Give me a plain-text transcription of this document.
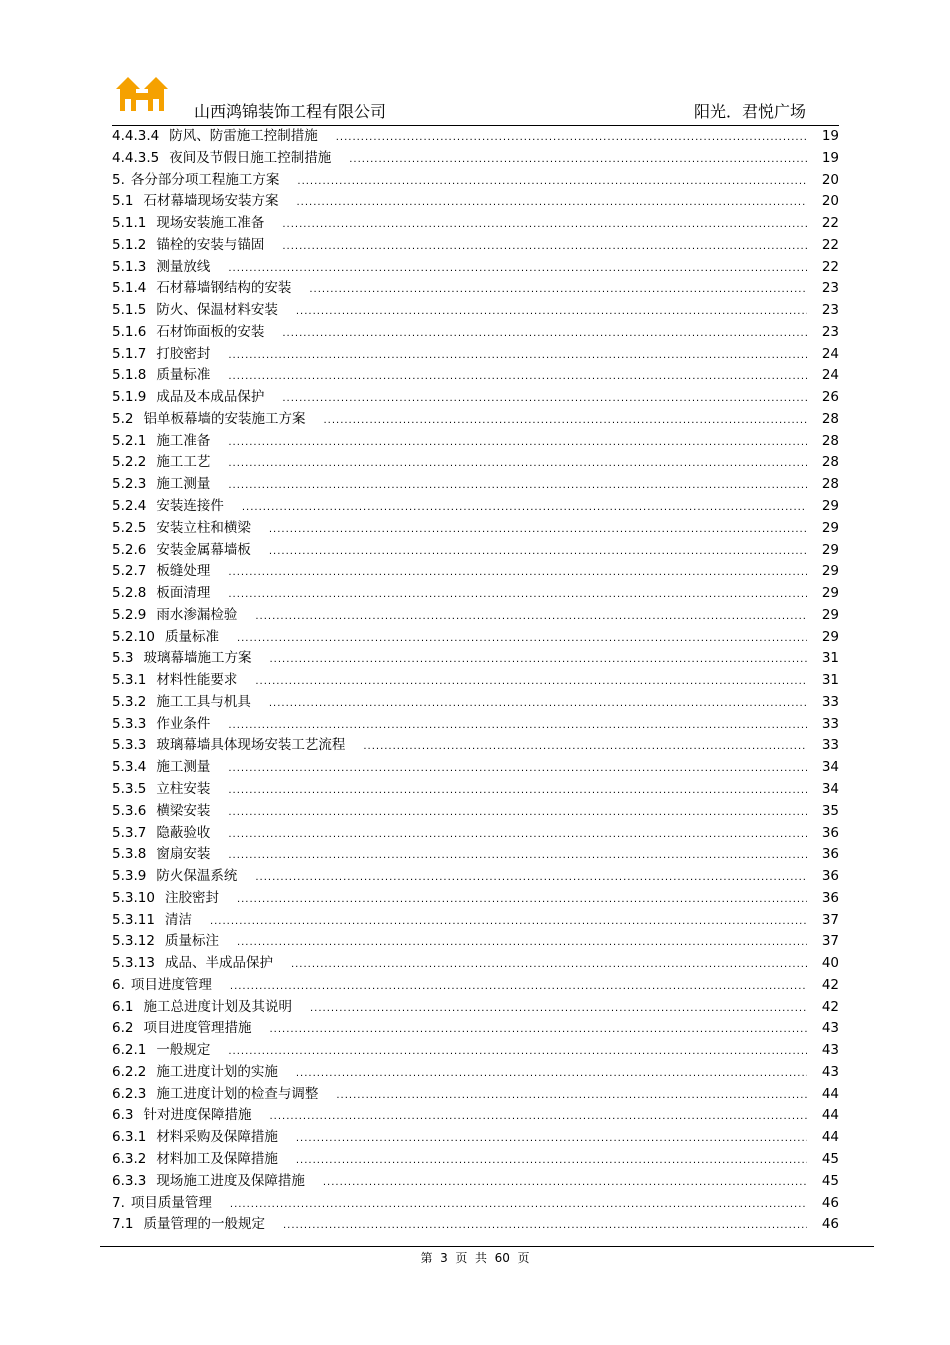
山西鸿锦装饰工程有限公司	阳光．君悦广场
4.4.3.4 防风、防雷施工控制措施 .....	19
4.4.3.5 夜间及节假日施工控制措施 .....	19
5. 各分部分项工程施工方案 .....	20
5.1 石材幕墙现场安装方案 .....	20
5.1.1 现场安装施工准备 .....	22
5.1.2 锚栓的安装与锚固 .....	22
5.1.3 测量放线 .....	22
5.1.4 石材幕墙钢结构的安装 .....	23
5.1.5 防火、保温材料安装 .....	23
5.1.6 石材饰面板的安装 .....	23
5.1.7 打胶密封 .....	24
5.1.8 质量标准 .....	24
5.1.9 成品及本成品保护 .....	26
5.2 铝单板幕墙的安装施工方案 .....	28
5.2.1 施工准备 .....	28
5.2.2 施工工艺 .....	28
5.2.3 施工测量 .....	28
5.2.4 安装连接件 .....	29
5.2.5 安装立柱和横梁 .....	29
5.2.6 安装金属幕墙板 .....	29
5.2.7 板缝处理 .....	29
5.2.8 板面清理 .....	29
5.2.9 雨水渗漏检验 .....	29
5.2.10 质量标准 .....	29
5.3 玻璃幕墙施工方案 .....	31
5.3.1 材料性能要求 .....	31
5.3.2 施工工具与机具 .....	33
5.3.3 作业条件 .....	33
5.3.3 玻璃幕墙具体现场安装工艺流程 .....	33
5.3.4 施工测量 .....	34
5.3.5 立柱安装 .....	34
5.3.6 横梁安装 .....	35
5.3.7 隐蔽验收 .....	36
5.3.8 窗扇安装 .....	36
5.3.9 防火保温系统 .....	36
5.3.10 注胶密封 .....	36
5.3.11 清洁 .....	37
5.3.12 质量标注 .....	37
5.3.13 成品、半成品保护 .....	40
6. 项目进度管理 .....	42
6.1 施工总进度计划及其说明 .....	42
6.2 项目进度管理措施 .....	43
6.2.1 一般规定 .....	43
6.2.2 施工进度计划的实施 .....	43
6.2.3 施工进度计划的检查与调整 .....	44
6.3 针对进度保障措施 .....	44
6.3.1 材料采购及保障措施 .....	44
6.3.2 材料加工及保障措施 .....	45
6.3.3 现场施工进度及保障措施 .....	45
7. 项目质量管理 .....	46
7.1 质量管理的一般规定 .....	46
第  3  页  共  60  页
